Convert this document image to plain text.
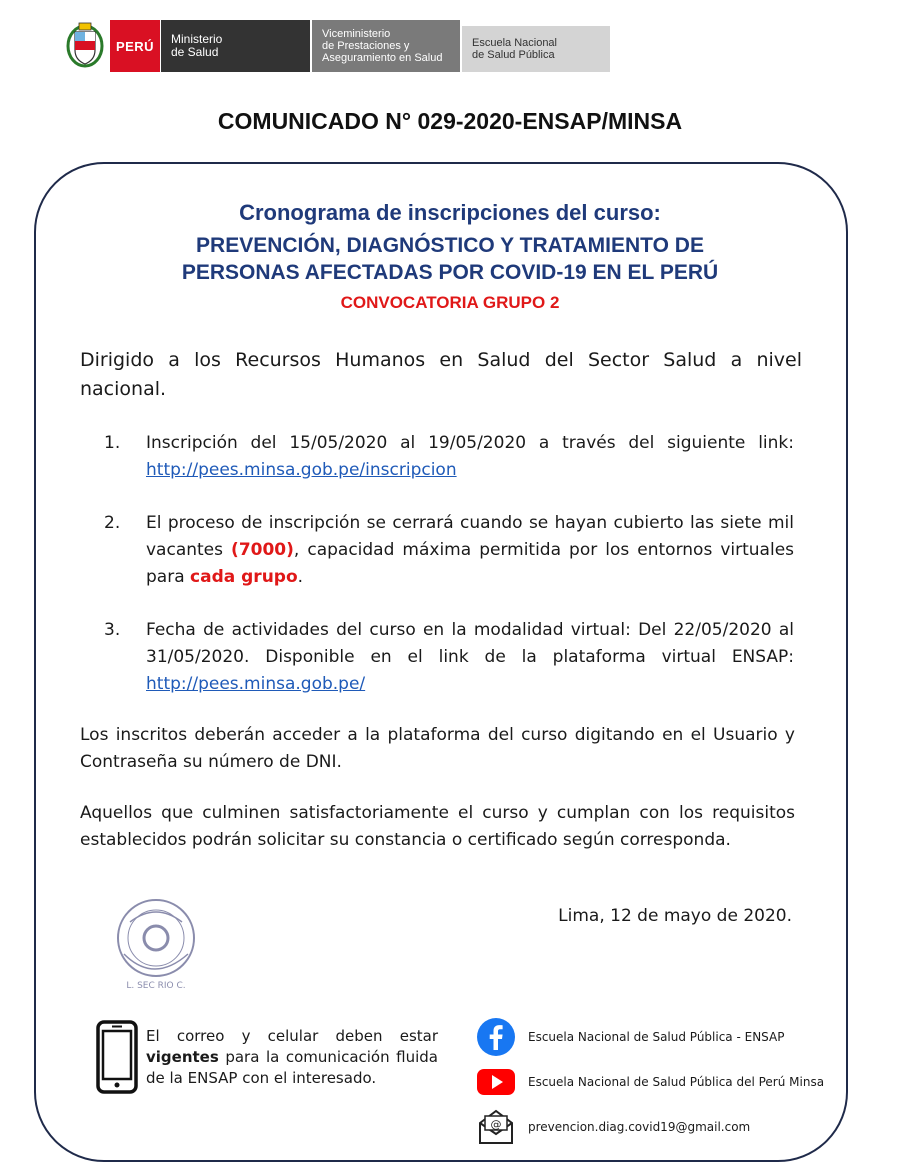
PERÚ	Ministerio
de Salud
Viceministerio
de Prestaciones y
Aseguramiento en Salud
Escuela Nacional
de Salud Pública
COMUNICADO N° 029-2020-ENSAP/MINSA
Cronograma de inscripciones del curso:
PREVENCIÓN, DIAGNÓSTICO Y TRATAMIENTO DE
PERSONAS AFECTADAS POR COVID-19 EN EL PERÚ
CONVOCATORIA GRUPO 2
Dirigido a los Recursos Humanos en Salud del Sector Salud a nivel nacional.
1.	Inscripción del 15/05/2020 al 19/05/2020 a través del siguiente link: http://pees.minsa.gob.pe/inscripcion
2.	El proceso de inscripción se cerrará cuando se hayan cubierto las siete mil vacantes (7000), capacidad máxima permitida por los entornos virtuales para cada grupo.
3.	Fecha de actividades del curso en la modalidad virtual: Del 22/05/2020 al 31/05/2020. Disponible en el link de la plataforma virtual ENSAP: http://pees.minsa.gob.pe/
Los inscritos deberán acceder a la plataforma del curso digitando en el Usuario y Contraseña su número de DNI.
Aquellos que culminen satisfactoriamente el curso y cumplan con los requisitos establecidos podrán solicitar su constancia o certificado según corresponda.
L. SEC RIO C.
Lima, 12 de mayo de 2020.
El correo y celular deben estar vigentes para la comunicación fluida de la ENSAP con el interesado.
Escuela Nacional de Salud Pública - ENSAP
Escuela Nacional de Salud Pública del Perú Minsa
@ prevencion.diag.covid19@gmail.com
